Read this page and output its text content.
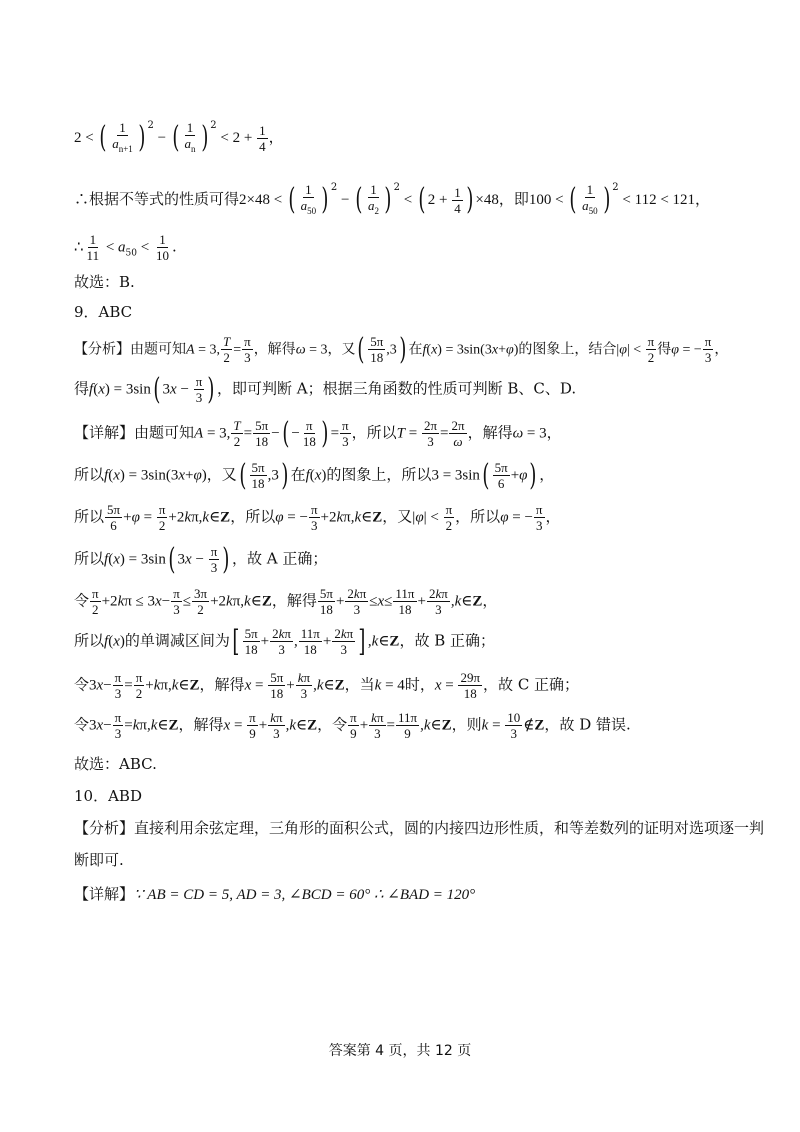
2 < ( $\frac{1}{a_{n+1}}$ ) $^2$ − ( $\frac{1}{a_n}$ ) $^2 < 2 + \frac{1}{4}$ ，
∴根据不等式的性质可得2×48 < ( $\frac{1}{a_{50}}$ ) $^2$ − ( $\frac{1}{a_2}$ ) $^2$ < ( $2 + \frac{1}{4}$ ) ×48，即100 < ( $\frac{1}{a_{50}}$ ) $^2$ < 112 < 121，
∴ $\frac{1}{11} < a_{50} < \frac{1}{10}$ .
故选：B.
9．ABC
【分析】由题可知A = 3, $\frac{T}{2} = \frac{\pi}{3}$ ，解得ω = 3，又( $\frac{5\pi}{18} ,3$) 在f(x) = 3sin(3x+φ)的图象上，结合$|\varphi| < \frac{\pi}{2}$ 得φ = − $\frac{\pi}{3}$ ，
得f(x) = 3sin( $3x - \frac{\pi}{3}$ ) ，即可判断 A；根据三角函数的性质可判断 B、C、D.
【详解】由题可知A = 3, $\frac{T}{2} = \frac{5\pi}{18}$ −( − $\frac{\pi}{18}$ ) = $\frac{\pi}{3}$ ，所以$T = \frac{2\pi}{3} = \frac{2\pi}{\omega}$ ，解得ω = 3，
所以f(x) = 3sin(3x+φ)，又( $\frac{5\pi}{18} ,3$) 在f(x)的图象上，所以$3 = 3\sin( \frac{5\pi}{6} +\varphi)$ ，
所以 $\frac{5\pi}{6} +\varphi = \frac{\pi}{2}$ +2kπ,k∈Z，所以φ = − $\frac{\pi}{3}$ +2kπ,k∈Z，又$|\varphi| < \frac{\pi}{2}$ ，所以φ = − $\frac{\pi}{3}$ ，
所以f(x) = 3sin( $3x - \frac{\pi}{3}$ ) ，故 A 正确；
令 $\frac{\pi}{2} +2k\pi \le 3x- \frac{\pi}{3} \le \frac{3\pi}{2}$ +2kπ,k∈Z，解得 $\frac{5\pi}{18} + \frac{2k\pi}{3} \le x\le \frac{11\pi}{18} + \frac{2k\pi}{3}$ ,k∈Z，
所以f(x)的单调减区间为[ $\frac{5\pi}{18} + \frac{2k\pi}{3}$ , $\frac{11\pi}{18} + \frac{2k\pi}{3}$ ] ,k∈Z，故 B 正确；
令$3x- \frac{\pi}{3} = \frac{\pi}{2}$ +kπ,k∈Z，解得$x = \frac{5\pi}{18} + \frac{k\pi}{3}$ ,k∈Z，当k = 4时，$x = \frac{29\pi}{18}$ ，故 C 正确；
令$3x- \frac{\pi}{3}$ =kπ,k∈Z，解得$x = \frac{\pi}{9} + \frac{k\pi}{3}$ ,k∈Z，令 $\frac{\pi}{9} + \frac{k\pi}{3} = \frac{11\pi}{9}$ ,k∈Z，则$k = \frac{10}{3}$ ∉Z，故 D 错误.
故选：ABC.
10．ABD
【分析】直接利用余弦定理，三角形的面积公式，圆的内接四边形性质，和等差数列的证明对选项逐一判
断即可.
【详解】∵ AB = CD = 5, AD = 3, ∠BCD = 60° ∴ ∠BAD = 120°
答案第 4 页，共 12 页
